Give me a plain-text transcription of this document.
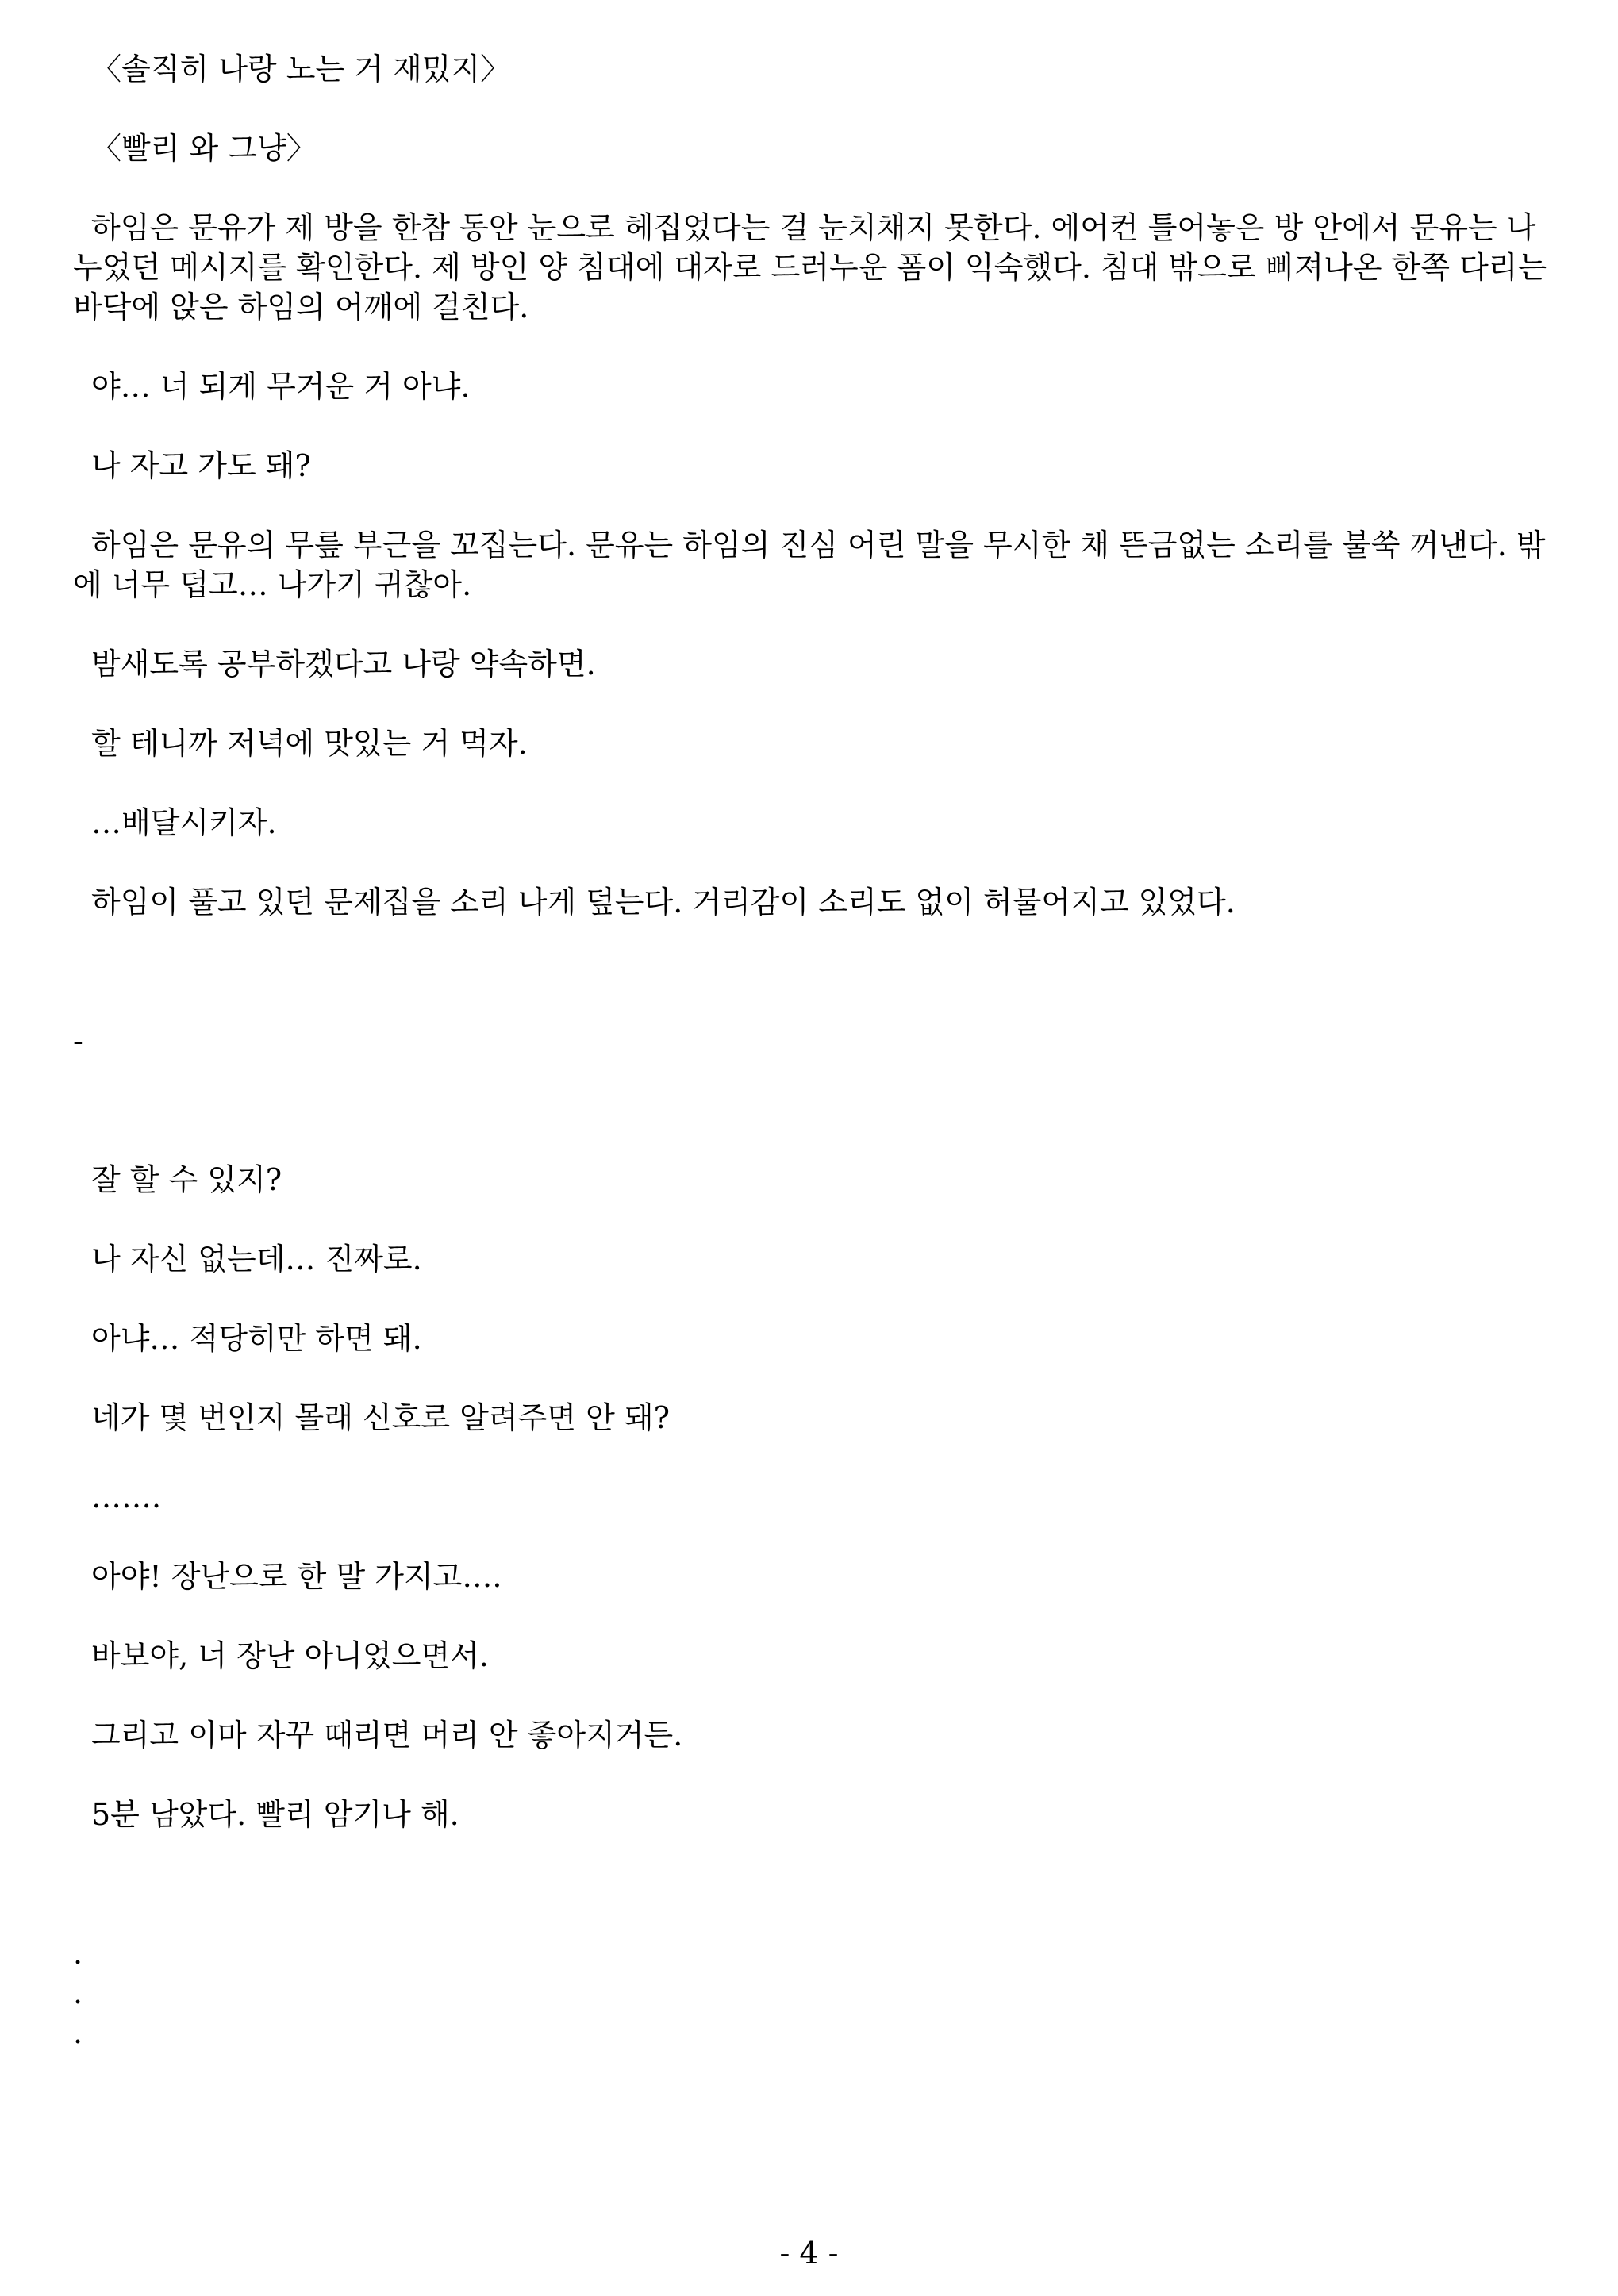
〈솔직히 나랑 노는 거 재밌지〉

〈빨리 와 그냥〉

하임은 문유가 제 방을 한참 동안 눈으로 헤집었다는 걸 눈치채지 못한다. 에어컨 틀어놓은 방 안에서 문유는 나누었던 메시지를 확인한다. 제 방인 양 침대에 대자로 드러누운 폼이 익숙했다. 침대 밖으로 삐져나온 한쪽 다리는 바닥에 앉은 하임의 어깨에 걸친다.

야… 너 되게 무거운 거 아냐.

나 자고 가도 돼?

하임은 문유의 무릎 부근을 꼬집는다. 문유는 하임의 진심 어린 말을 무시한 채 뜬금없는 소리를 불쑥 꺼낸다. 밖에 너무 덥고… 나가기 귀찮아.

밤새도록 공부하겠다고 나랑 약속하면.

할 테니까 저녁에 맛있는 거 먹자.

…배달시키자.

하임이 풀고 있던 문제집을 소리 나게 덮는다. 거리감이 소리도 없이 허물어지고 있었다.

-

잘 할 수 있지?

나 자신 없는데… 진짜로.

아냐… 적당히만 하면 돼.

네가 몇 번인지 몰래 신호로 알려주면 안 돼?

…….

아야! 장난으로 한 말 가지고….

바보야, 너 장난 아니었으면서.

그리고 이마 자꾸 때리면 머리 안 좋아지거든.

5분 남았다. 빨리 암기나 해.

.

.

.

- 4 -
